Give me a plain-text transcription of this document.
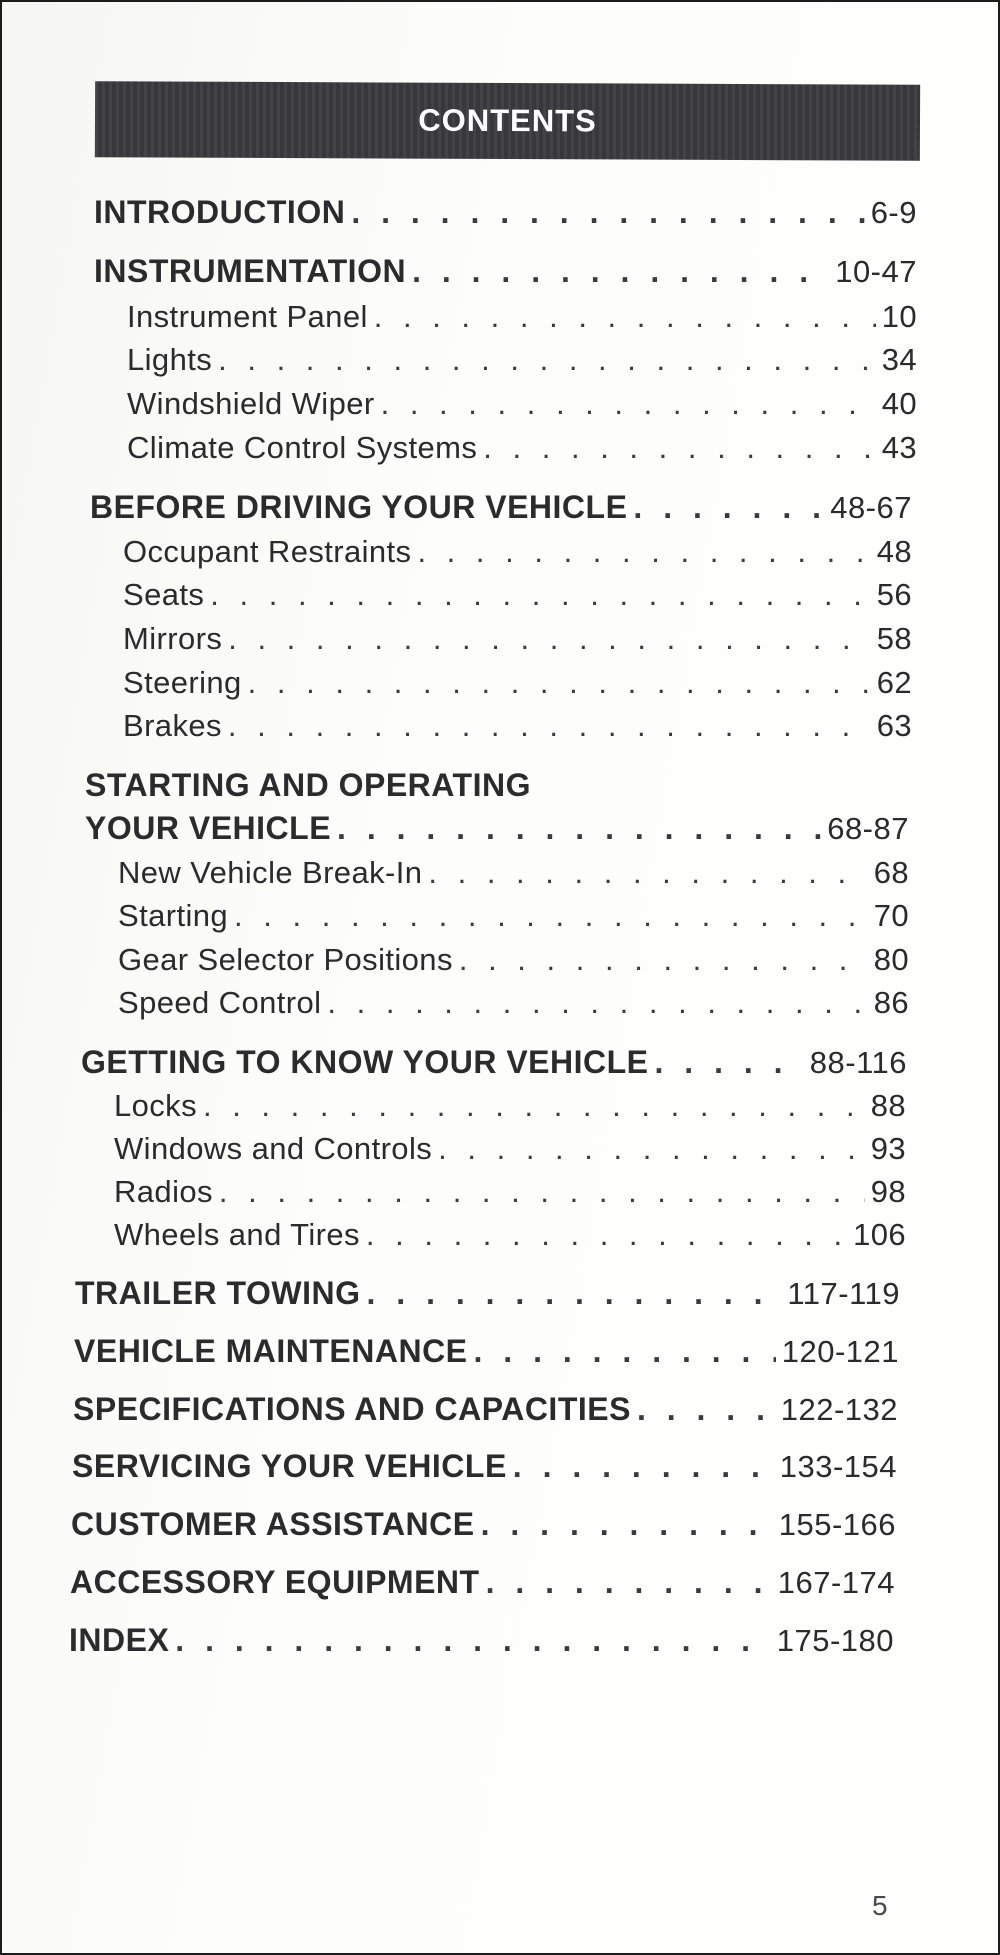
CONTENTS
INTRODUCTION . . .	6-9
INSTRUMENTATION . . .	10-47
Instrument Panel . . .	10
Lights . . .	34
Windshield Wiper . . .	40
Climate Control Systems . . .	43
BEFORE DRIVING YOUR VEHICLE . . .	48-67
Occupant Restraints . . .	48
Seats . . .	56
Mirrors . . .	58
Steering . . .	62
Brakes . . .	63
STARTING AND OPERATING
YOUR VEHICLE . . .	68-87
New Vehicle Break-In . . .	68
Starting . . .	70
Gear Selector Positions . . .	80
Speed Control . . .	86
GETTING TO KNOW YOUR VEHICLE . . .	88-116
Locks . . .	88
Windows and Controls . . .	93
Radios . . .	98
Wheels and Tires . . .	106
TRAILER TOWING . . .	117-119
VEHICLE MAINTENANCE . . .	120-121
SPECIFICATIONS AND CAPACITIES . . .	122-132
SERVICING YOUR VEHICLE . . .	133-154
CUSTOMER ASSISTANCE . . .	155-166
ACCESSORY EQUIPMENT . . .	167-174
INDEX . . .	175-180
5
